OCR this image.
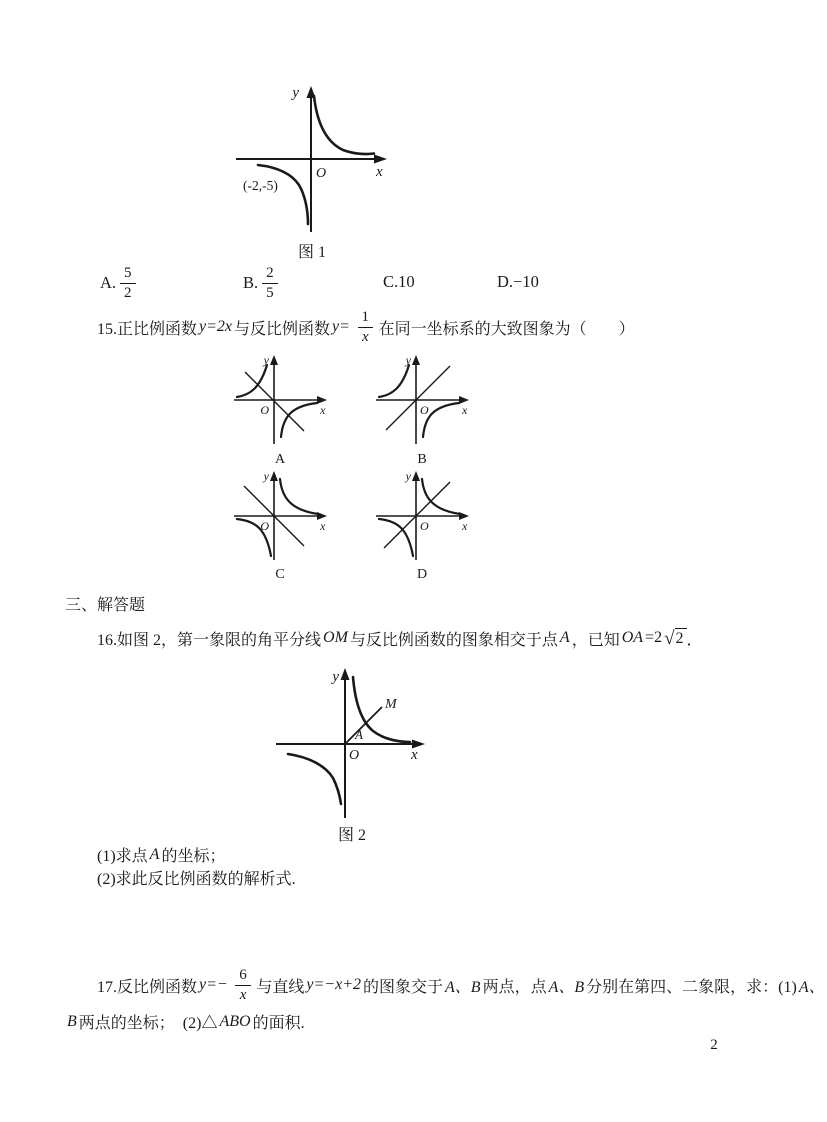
y
x
O
(-2,-5)
图 1
A. $\frac{5}{2}$	B. $\frac{2}{5}$	C.10	D.−10
15.正比例函数 y=2x 与反比例函数 $y= \frac{1}{x}$ 在同一坐标系的大致图象为（　　）
y
x
O
A
y
x
O
B
y
x
O
C
y
x
O
D
三、解答题
16.如图 2，第一象限的角平分线 OM 与反比例函数的图象相交于点 A ，已知 OA =2 √ 2 ．
y
x
O
M
A
图 2
(1)求点 A 的坐标；
(2)求此反比例函数的解析式.
17.反比例函数 $y=- \frac{6}{x}$ 与直线 y=−x+2 的图象交于 A、B 两点，点 A、B 分别在第四、二象限，求：(1) A、
B 两点的坐标；　(2)△ ABO 的面积.
2
